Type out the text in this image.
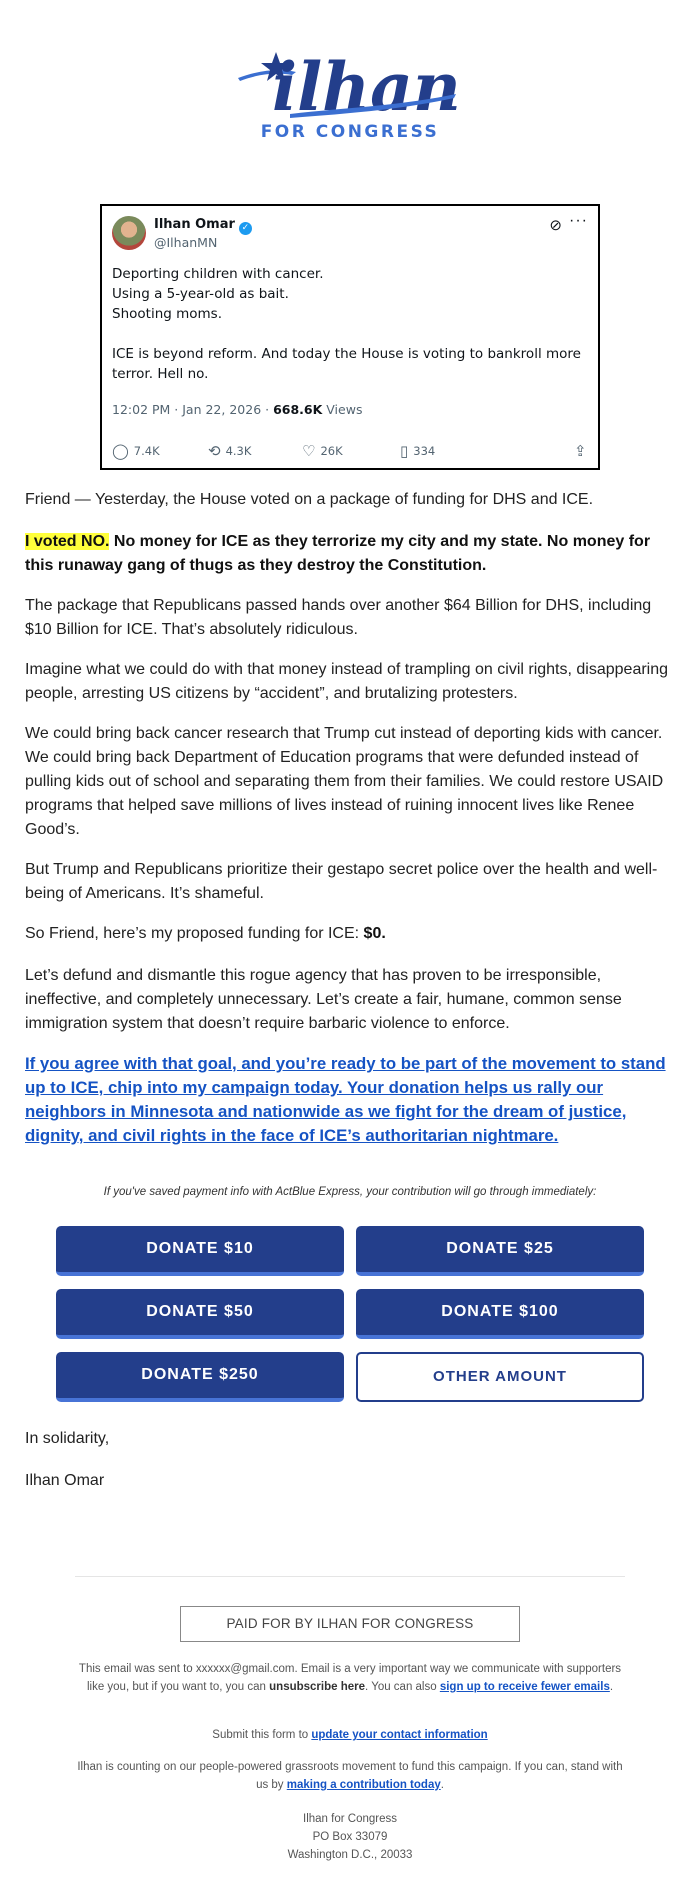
ilhan
FOR CONGRESS
Ilhan Omar ✓
@IlhanMN
⊘ ···

Deporting children with cancer.

Using a 5-year-old as bait.

Shooting moms.

ICE is beyond reform. And today the House is voting to bankroll more terror. Hell no.

12:02 PM · Jan 22, 2026 · 668.6K Views
◯ 7.4K	⟲ 4.3K	♡ 26K	▯ 334	⇪

Friend — Yesterday, the House voted on a package of funding for DHS and ICE.

I voted NO. No money for ICE as they terrorize my city and my state. No money for this runaway gang of thugs as they destroy the Constitution.

The package that Republicans passed hands over another $64 Billion for DHS, including $10 Billion for ICE. That’s absolutely ridiculous.

Imagine what we could do with that money instead of trampling on civil rights, disappearing people, arresting US citizens by “accident”, and brutalizing protesters.

We could bring back cancer research that Trump cut instead of deporting kids with cancer. We could bring back Department of Education programs that were defunded instead of pulling kids out of school and separating them from their families. We could restore USAID programs that helped save millions of lives instead of ruining innocent lives like Renee Good’s.

But Trump and Republicans prioritize their gestapo secret police over the health and well-being of Americans. It’s shameful.

So Friend, here’s my proposed funding for ICE: $0.

Let’s defund and dismantle this rogue agency that has proven to be irresponsible, ineffective, and completely unnecessary. Let’s create a fair, humane, common sense immigration system that doesn’t require barbaric violence to enforce.

If you agree with that goal, and you’re ready to be part of the movement to stand up to ICE, chip into my campaign today. Your donation helps us rally our neighbors in Minnesota and nationwide as we fight for the dream of justice, dignity, and civil rights in the face of ICE’s authoritarian nightmare.

If you've saved payment info with ActBlue Express, your contribution will go through immediately:
DONATE $10	DONATE $25
DONATE $50	DONATE $100
DONATE $250	OTHER AMOUNT
In solidarity,
Ilhan Omar
PAID FOR BY ILHAN FOR CONGRESS

This email was sent to xxxxxx@gmail.com. Email is a very important way we communicate with supporters like you, but if you want to, you can unsubscribe here. You can also sign up to receive fewer emails.

Submit this form to update your contact information

Ilhan is counting on our people-powered grassroots movement to fund this campaign. If you can, stand with us by making a contribution today.

Ilhan for Congress
PO Box 33079
Washington D.C., 20033
